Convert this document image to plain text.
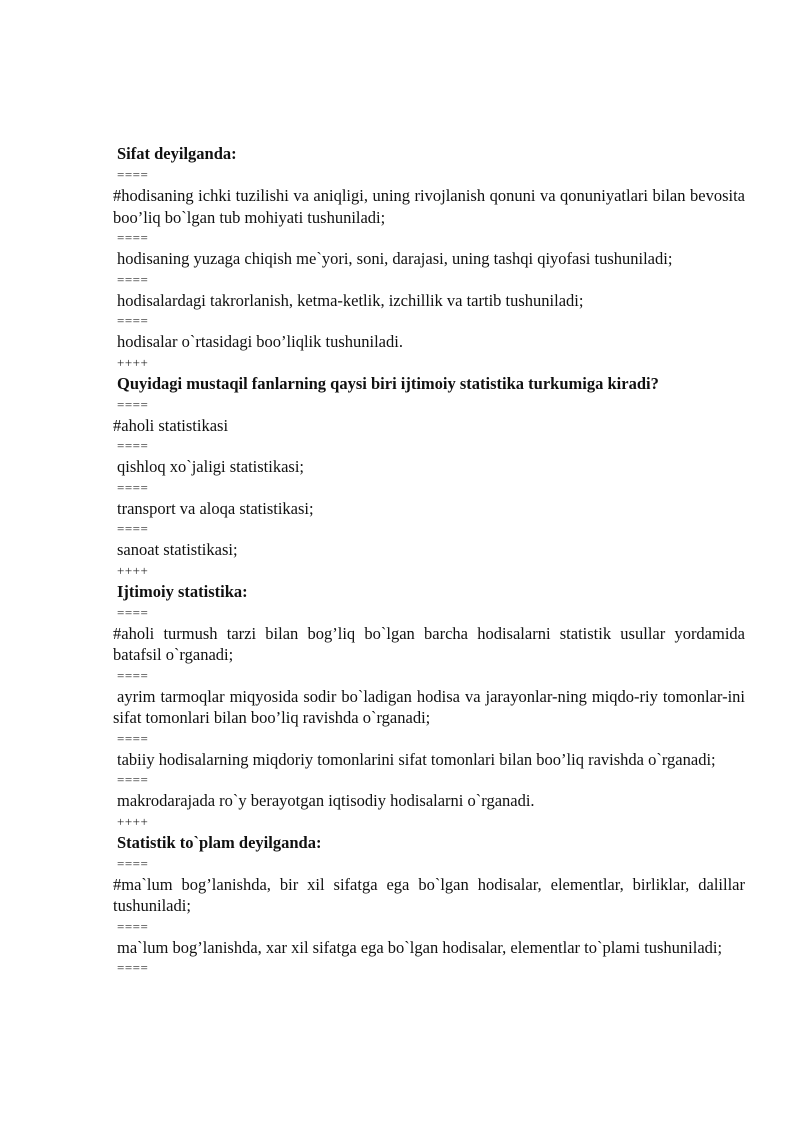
Sifat deyilganda:
====
#hodisaning ichki tuzilishi va aniqligi, uning rivojlanish qonuni va qonuniyatlari bilan bevosita boo’liq bo`lgan tub mohiyati tushuniladi;
====
hodisaning yuzaga chiqish me`yori, soni, darajasi, uning tashqi qiyofasi tushuniladi;
====
hodisalardagi takrorlanish, ketma-ketlik, izchillik va tartib tushuniladi;
====
hodisalar o`rtasidagi boo’liqlik tushuniladi.
++++
Quyidagi mustaqil fanlarning qaysi biri ijtimoiy statistika turkumiga kiradi?
====
#aholi statistikasi
====
qishloq xo`jaligi statistikasi;
====
transport va aloqa statistikasi;
====
sanoat statistikasi;
++++
Ijtimoiy statistika:
====
#aholi turmush tarzi bilan bog’liq bo`lgan barcha hodisalarni statistik usullar yordamida batafsil o`rganadi;
====
ayrim tarmoqlar miqyosida sodir bo`ladigan hodisa va jarayonlar-ning miqdo-riy tomonlar-ini sifat tomonlari bilan boo’liq ravishda o`rganadi;
====
tabiiy hodisalarning miqdoriy tomonlarini sifat tomonlari bilan boo’liq ravishda o`rganadi;
====
makrodarajada ro`y berayotgan iqtisodiy hodisalarni o`rganadi.
++++
Statistik to`plam deyilganda:
====
#ma`lum bog’lanishda, bir xil sifatga ega bo`lgan hodisalar, elementlar, birliklar, dalillar tushuniladi;
====
ma`lum bog’lanishda, xar xil sifatga ega bo`lgan hodisalar, elementlar to`plami tushuniladi;
====
